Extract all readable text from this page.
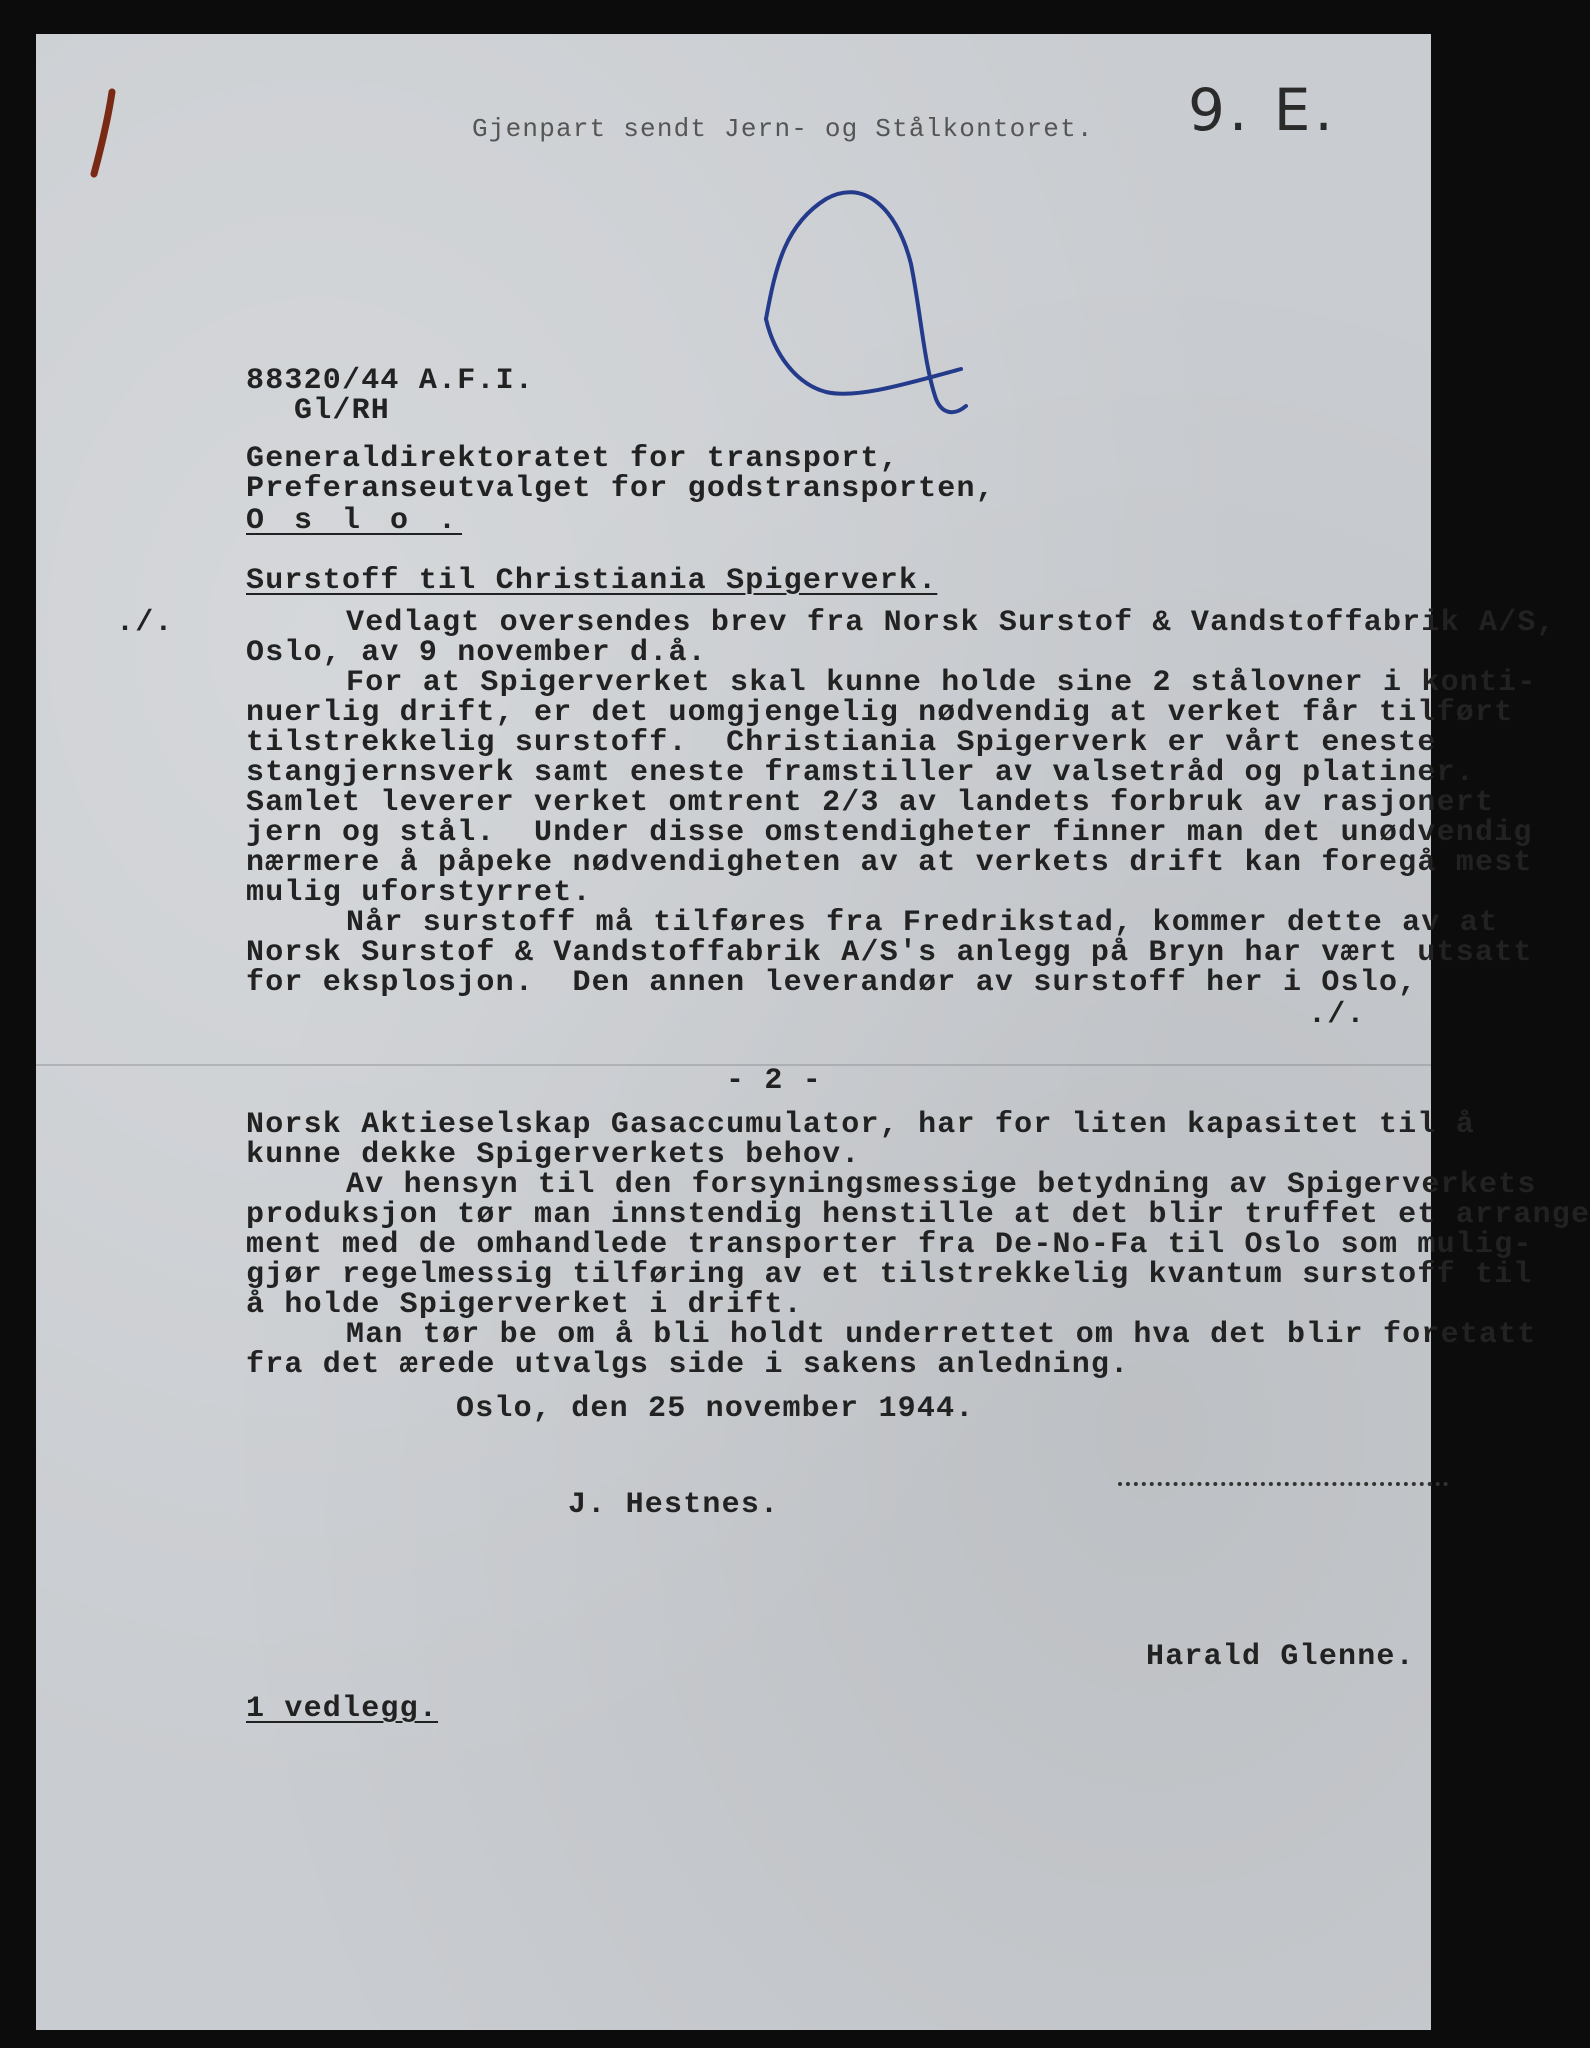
Gjenpart sendt Jern- og Stålkontoret. 9. E.
88320/44 A.F.I.
Gl/RH
Generaldirektoratet for transport,
Preferanseutvalget for godstransporten,
O s l o .
Surstoff til Christiania Spigerverk.
./.	Vedlagt oversendes brev fra Norsk Surstof & Vandstoffabrik A/S,
Oslo, av 9 november d.å.
For at Spigerverket skal kunne holde sine 2 stålovner i konti-
nuerlig drift, er det uomgjengelig nødvendig at verket får tilført
tilstrekkelig surstoff.  Christiania Spigerverk er vårt eneste
stangjernsverk samt eneste framstiller av valsetråd og platiner.
Samlet leverer verket omtrent 2/3 av landets forbruk av rasjonert
jern og stål.  Under disse omstendigheter finner man det unødvendig
nærmere å påpeke nødvendigheten av at verkets drift kan foregå mest
mulig uforstyrret.
Når surstoff må tilføres fra Fredrikstad, kommer dette av at
Norsk Surstof & Vandstoffabrik A/S's anlegg på Bryn har vært utsatt
for eksplosjon.  Den annen leverandør av surstoff her i Oslo,
./.
- 2 -
Norsk Aktieselskap Gasaccumulator, har for liten kapasitet til å
kunne dekke Spigerverkets behov.
Av hensyn til den forsyningsmessige betydning av Spigerverkets
produksjon tør man innstendig henstille at det blir truffet et arrange
ment med de omhandlede transporter fra De-No-Fa til Oslo som mulig-
gjør regelmessig tilføring av et tilstrekkelig kvantum surstoff til
å holde Spigerverket i drift.
Man tør be om å bli holdt underrettet om hva det blir foretatt
fra det ærede utvalgs side i sakens anledning.
Oslo, den 25 november 1944.
J. Hestnes.
Harald Glenne.
1 vedlegg.
